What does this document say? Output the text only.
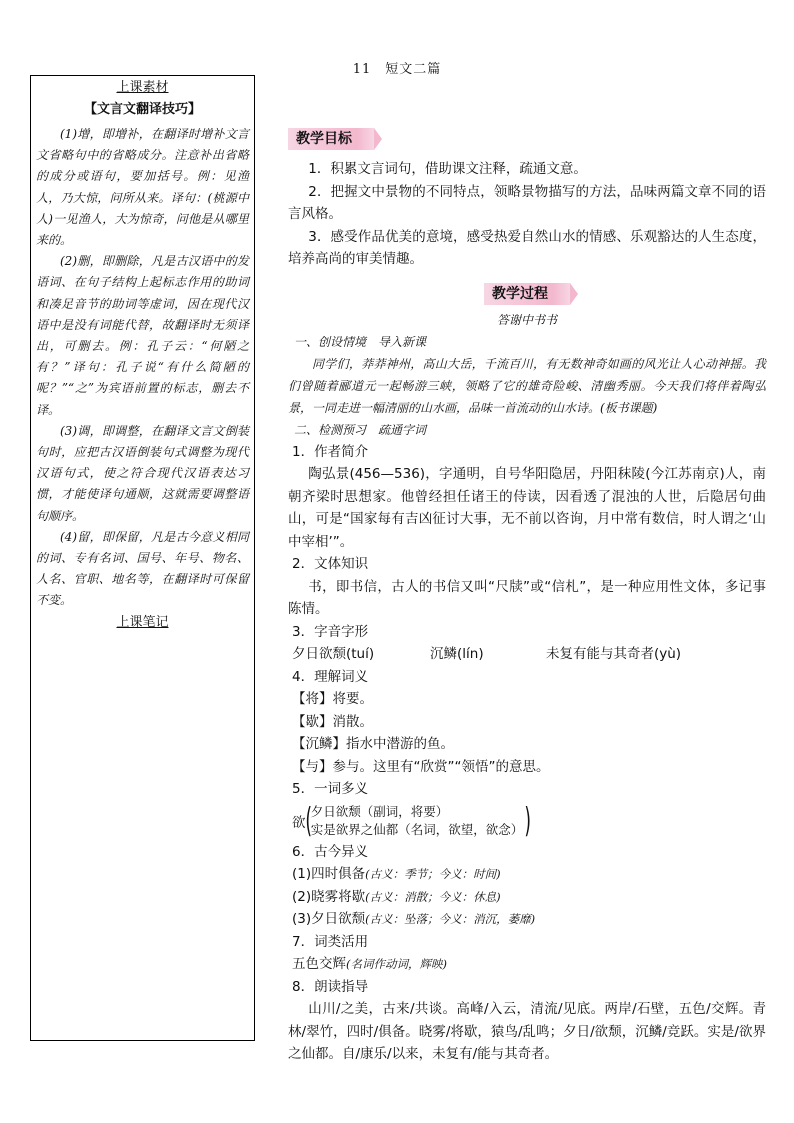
11　短文二篇
上课素材
【文言文翻译技巧】

(1)增，即增补，在翻译时增补文言文省略句中的省略成分。注意补出省略的成分或语句，要加括号。例：见渔人，乃大惊，问所从来。译句：(桃源中人)一见渔人，大为惊奇，问他是从哪里来的。

(2)删，即删除，凡是古汉语中的发语词、在句子结构上起标志作用的助词和凑足音节的助词等虚词，因在现代汉语中是没有词能代替，故翻译时无须译出，可删去。例：孔子云：“何陋之有？”译句：孔子说“有什么简陋的呢？”“之”为宾语前置的标志，删去不译。

(3)调，即调整，在翻译文言文倒装句时，应把古汉语倒装句式调整为现代汉语句式，使之符合现代汉语表达习惯，才能使译句通顺，这就需要调整语句顺序。

(4)留，即保留，凡是古今意义相同的词、专有名词、国号、年号、物名、人名、官职、地名等，在翻译时可保留不变。

上课笔记
教学目标

1．积累文言词句，借助课文注释，疏通文意。

2．把握文中景物的不同特点，领略景物描写的方法，品味两篇文章不同的语言风格。

3．感受作品优美的意境，感受热爱自然山水的情感、乐观豁达的人生态度，培养高尚的审美情趣。

教学过程

答谢中书书

一、创设情境　导入新课

同学们，莽莽神州，高山大岳，千流百川，有无数神奇如画的风光让人心动神摇。我们曾随着郦道元一起畅游三峡，领略了它的雄奇险峻、清幽秀丽。今天我们将伴着陶弘景，一同走进一幅清丽的山水画，品味一首流动的山水诗。(板书课题)

二、检测预习　疏通字词

1．作者简介

陶弘景(456—536)，字通明，自号华阳隐居，丹阳秣陵(今江苏南京)人，南朝齐梁时思想家。他曾经担任诸王的侍读，因看透了混浊的人世，后隐居句曲山，可是“国家每有吉凶征讨大事，无不前以咨询，月中常有数信，时人谓之‘山中宰相’”。

2．文体知识

书，即书信，古人的书信又叫“尺牍”或“信札”，是一种应用性文体，多记事陈情。

3．字音字形

夕日欲颓(tuí)	沉鳞(lín)	未复有能与其奇者(yù)

4．理解词义

【将】将要。

【歇】消散。

【沉鳞】指水中潜游的鱼。

【与】参与。这里有“欣赏”“领悟”的意思。

5．一词多义

欲 ( 夕日欲颓（副词，将要）
实是欲界之仙都（名词，欲望，欲念） )

6．古今异义

(1)四时俱备(古义：季节；今义：时间)

(2)晓雾将歇(古义：消散；今义：休息)

(3)夕日欲颓(古义：坠落；今义：消沉，萎靡)

7．词类活用

五色交辉(名词作动词，辉映)

8．朗读指导

山川/之美，古来/共谈。高峰/入云，清流/见底。两岸/石壁，五色/交辉。青林/翠竹，四时/俱备。晓雾/将歇，猿鸟/乱鸣；夕日/欲颓，沉鳞/竞跃。实是/欲界之仙都。自/康乐/以来，未复有/能与其奇者。
